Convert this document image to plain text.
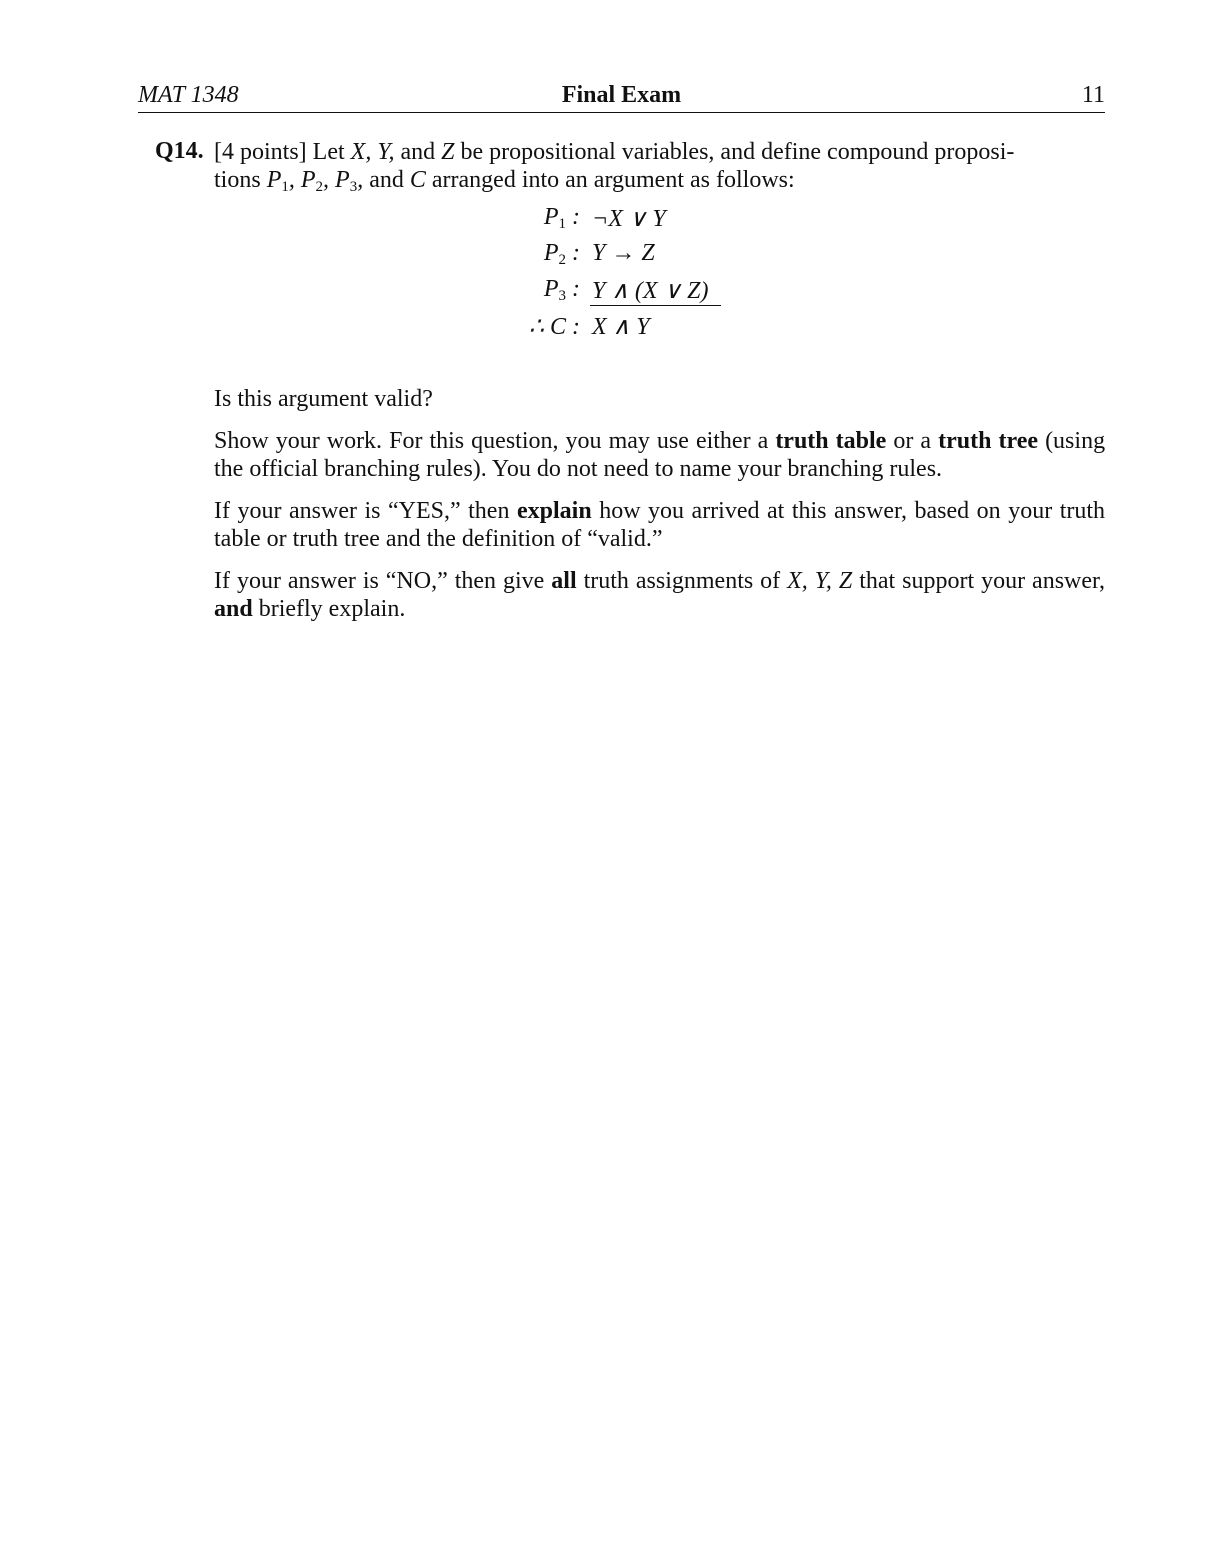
MAT 1348	Final Exam	11
Q14. [4 points] Let X, Y, and Z be propositional variables, and define compound proposi-
tions $P_1$, $P_2$, $P_3$, and C arranged into an argument as follows:
$P_1$ : ¬X ∨ Y
$P_2$ : Y → Z
$P_3$ : Y ∧ (X ∨ Z)
∴ C : X ∧ Y
Is this argument valid?
Show your work. For this question, you may use either a truth table or a truth tree (using the official branching rules). You do not need to name your branching rules.
If your answer is “YES,” then explain how you arrived at this answer, based on your truth table or truth tree and the definition of “valid.”
If your answer is “NO,” then give all truth assignments of X, Y, Z that support your answer, and briefly explain.
